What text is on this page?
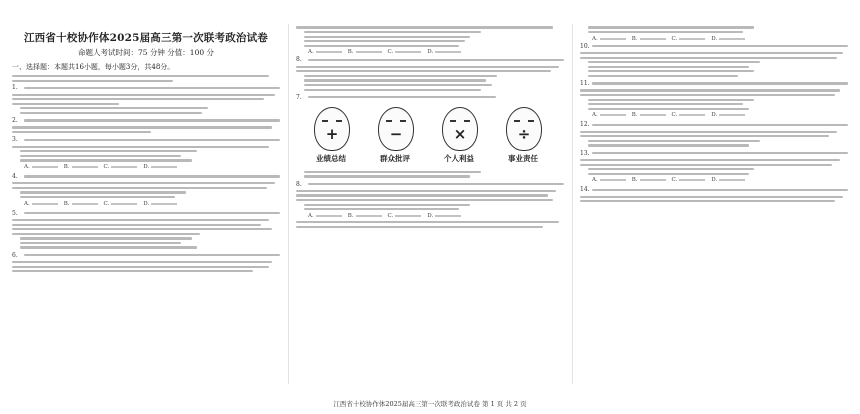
江西省十校协作体2025届高三第一次联考政治试卷
命题人考试时间：75 分钟 分值：100 分
一、选择题：本题共16小题，每小题3分，共48分。
1.
2.
3.
A.	B.	C.	D.
4.
A.	B.	C.	D.
5.
6.
A.	B.	C.	D.
8.
7.
+	−	×	÷
业绩总结	群众批评	个人利益	事业责任
8.
A.	B.	C.	D.
A.	B.	C.	D.
10.
11.
A.	B.	C.	D.
12.
13.
A.	B.	C.	D.
14.
江西省十校协作体2025届高三第一次联考政治试卷 第 1 页 共 2 页
